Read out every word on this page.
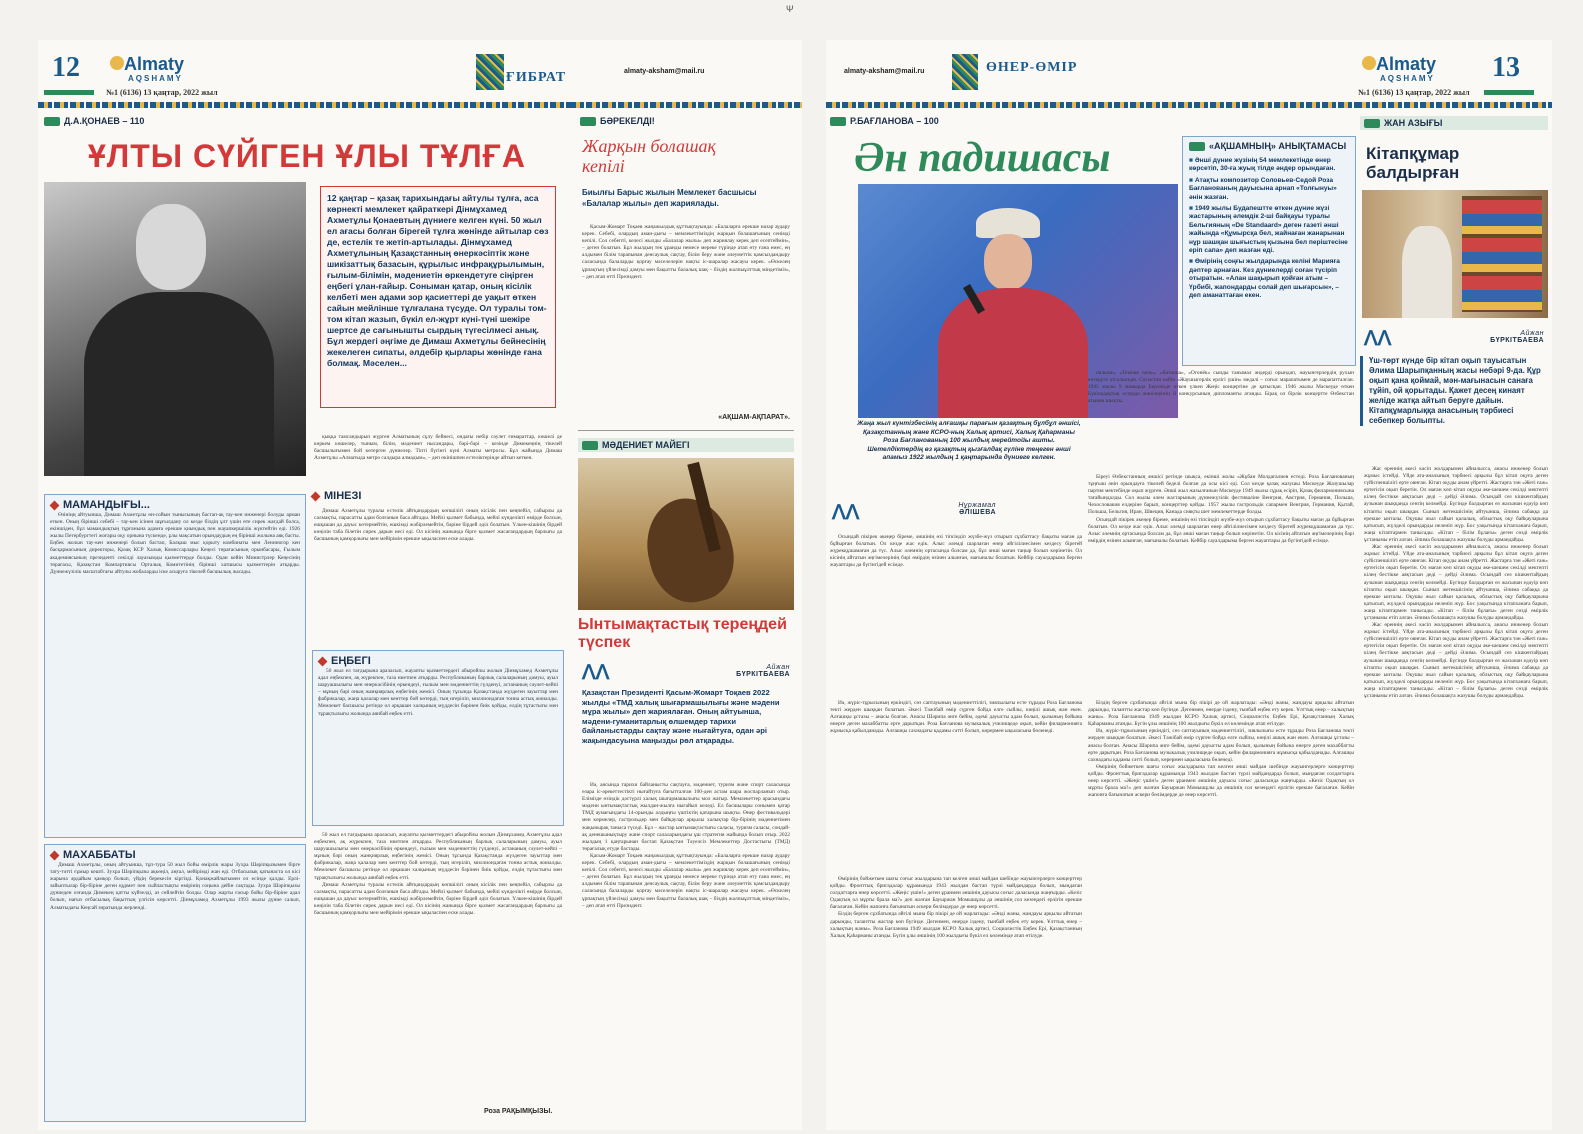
Ψ
12 Almaty
AQSHAMY
№1 (6136) 13 қаңтар, 2022 жыл
ҒИБРАТ
Д.А.ҚОНАЕВ – 110
ҰЛТЫ СҮЙГЕН ҰЛЫ ТҰЛҒА
12 қаңтар – қазақ тарихындағы айтулы тұлға, аса көрнекті мемлекет қайраткері Дінмұхамед Ахметұлы Қонаевтың дүниеге келген күні. 50 жыл ел ағасы болған бірегей тұлға жөнінде айтылар сөз де, естелік те жетіп-артылады. Дінмұхамед Ахметұлының Қазақстанның өнеркәсіптік және шикізаттық базасын, құрылыс инфрақұрылымын, ғылым-білімін, мәдениетін өркендетуге сіңірген еңбегі ұлан-ғайыр. Соныман қатар, оның кісілік келбеті мен адами зор қасиеттері де уақыт өткен сайын мейлінше тұлғалана түсуде. Ол туралы том-том кітап жазып, бүкіл ел-жұрт күні-түні шежіре шертсе де сағынышты сырдың түгесілмесі анық. Бұл жердегі әңгіме де Димаш Ахметұлы бейнесінің жекелеген сипаты, әлдебір қырлары жөнінде ғана болмақ. Мәселен...

қыққа тамсандырып жүрген Алматының сұлу бейнесі, ондағы небір сәулет ғимараттар, көшелі де көркем көшелер, тыным, білім, мәдениет нысандары, бәрі-бәрі – кезінде Димекеңнің тікелей басшылығымен бой көтерген дүниелер. Тіпті бүгінгі күні Алматы метросы. Бұл жайында Димаш Ахметұлы «Алматыда метро салдыра алмадым», – деп өкінішпен естеліктерінде айтып кеткен.

МАМАНДЫҒЫ...

Өзініңң айтуынша, Димаш Ахметұлы өн-сойын тынысының бастап-ақ тау-кен инженері болуды арман еткен. Оның бірінші себебі – тау-кен ісінен шұғылдану ол кезде біздің ұлт үшін өте сирек жағдай болса, екіншіден, бұл мамандықтың тұрғанына адамға ерекше қиындық пен жауапкершілік жүктейтін еді. 1926 жылы Петербургтегі жоғары оқу орнына түскенде, ұлы мақсатын орындаудың ең бірінші жолына аяқ басты. Еңбек жолын тау-кен инженері болып бастап, Балқаш мыс қорыту комбинаты мен Лениногор кен басқармасының директоры, Қазақ КСР Халық Комиссарлары Кеңесі төрағасының орынбасары, Ғылым академиясының президенті секілді лауазымды қызметтерде болды. Одан кейін Министрлер Кеңесінің төрағасы, Қазақстан Компартиясы Орталық Комитетінің бірінші хатшысы қызметтерін атқарды. Дүниежүзілік масштабтағы айтулы жобаларды іске асыруға тікелей басшылық жасады.

МІНЕЗІ

Димаш Ахметұлы туралы естелік айтқандардың көпшілігі оның кісілік пен кеңпейіл, сабырлы да салмақты, парасатты адам болғанын баса айтады. Мейлі қызмет бабында, мейлі күнделікті өмірде болсын, ешқашан да дауыс көтермейтін, ешкімді жәбірлемейтін, бәріне бірдей әділ болатын. Үлкен-кішінің бірдей көңілін таба білетін сирек дарын иесі еді. Ол кісінің жанында бірге қызмет жасағандардың барлығы да басшының қамқорлығы мен мейірімін ерекше ықыласпен еске алады.

ЕҢБЕГІ

50 жыл ел тағдырына араласып, жауапты қызметтердегі абыройлы жолын Дінмұхамед Ахметұлы адал еңбекпен, ақ жүрекпен, таза ниетпен атқарды. Республиканың барлық салаларының дамуы, ауыл шаруашылығы мен өнеркәсібінің өркендеуі, ғылым мен мәдениеттің гүлденуі, астананың сәулет-кейпі – мұның бәрі оның жанқиярлық еңбегінің жемісі. Оның тұсында Қазақстанда жүздеген зауыттар мен фабрикалар, жаңа қалалар мен кенттер бой көтерді, тың игеріліп, миллиондаған тонна астық жиналды. Мемлекет басшысы ретінде ол әрқашан халқының мүддесін бәрінен биік қойды, елдің тұтастығы мен тұрақтылығы жолында аянбай еңбек етті.

МАХАББАТЫ

Димаш Ахметұлы, оның айтуынша, тұп-тура 50 жыл бойы өмірлік жары Зухра Шәріпқызымен бірге тату-тәтті ғұмыр кешті. Зухра Шәріпқызы ақкөңіл, аңғал, мейірімді жан еді. Отбасылық қатынаста ол кісі жарына әрдайым қамқор болып, үйдің берекесін кіргізді. Қонақжайлығымен ел есінде қалды. Ерлі-зайыптылар бір-біріне деген құрмет пен сыйластықты өмірінің соңына дейін сақтады. Зухра Шәріпқызы дүниеден озғанда Димекең қатты күйзелді, аз сөйлейтін болды. Олар жарты ғасыр бойы бір-біріне адал болып, нағыз отбасылық бақыттың үлгісін көрсетті. Дінмұхамед Ахметұлы 1993 жылы дүние салып, Алматыдағы Кеңсай зиратында жерленді.

50 жыл ел тағдырына араласып, жауапты қызметтердегі абыройлы жолын Дінмұхамед Ахметұлы адал еңбекпен, ақ жүрекпен, таза ниетпен атқарды. Республиканың барлық салаларының дамуы, ауыл шаруашылығы мен өнеркәсібінің өркендеуі, ғылым мен мәдениеттің гүлденуі, астананың сәулет-кейпі – мұның бәрі оның жанқиярлық еңбегінің жемісі. Оның тұсында Қазақстанда жүздеген зауыттар мен фабрикалар, жаңа қалалар мен кенттер бой көтерді, тың игеріліп, миллиондаған тонна астық жиналды. Мемлекет басшысы ретінде ол әрқашан халқының мүддесін бәрінен биік қойды, елдің тұтастығы мен тұрақтылығы жолында аянбай еңбек етті.

Димаш Ахметұлы туралы естелік айтқандардың көпшілігі оның кісілік пен кеңпейіл, сабырлы да салмақты, парасатты адам болғанын баса айтады. Мейлі қызмет бабында, мейлі күнделікті өмірде болсын, ешқашан да дауыс көтермейтін, ешкімді жәбірлемейтін, бәріне бірдей әділ болатын. Үлкен-кішінің бірдей көңілін таба білетін сирек дарын иесі еді. Ол кісінің жанында бірге қызмет жасағандардың барлығы да басшының қамқорлығы мен мейірімін ерекше ықыласпен еске алады.

Роза РАҚЫМҚЫЗЫ.
almaty-aksham@mail.ru
БӘРЕКЕЛДІ!
Жарқын болашақ кепілі
Биылғы Барыс жылын Мемлекет басшысы «Балалар жылы» деп жариялады.

Қасым-Жомарт Тоқаев жаңажылдық құттықтауында: «Балаларға ерекше назар аудару керек. Себебі, олардың аман-дығы – мемлекеттіміздің жарқын болашағының сенімді кепілі. Сол себепті, келесі жылды «Балалар жылы» деп жариялау керек деп есептеймін», – деген болатын. Бұл жылдың тек ұранды немесе мереке түрінде атап өту ғана емес, ең алдымен білім тарапынан денсаулық сақтау, білім беру және әлеуметтік қамсыздандыру саласында балаларды қорғау мәселелерін нақты іс-шаралар жасауы керек. «Өскелең ұрпақтың үйлесімді дамуы мен бақытты балалық шақ – біздің жалпыұлттық міндетіміз», – деп атап өтті Президент.

«АҚШАМ-АҚПАРАТ».
МӘДЕНИЕТ МАЙЕГІ
Ынтымақтастық тереңдей түспек
ᐱᐱ	Айжан
БҮРКІТБАЕВА
Қазақстан Президенті Қасым-Жомарт Тоқаев 2022 жылды «ТМД халық шығармашылығы және мәдени мұра жылы» деп жариялаған. Оның айтуынша, мәдени-гуманитарлық өлшемдер тарихи байланыстарды сақтау және нығайтуға, одан әрі жақындасуына маңызды рөл атқарады.

Иә, аясында тарихи байланысты сақтауға, мәдениет, туризм және спорт саласында өзара іс-әрекеттестікті нығайтуға бағытталған 100-ден астам шара жоспарланып отыр. Елімізде өзіндік дәстүрлі халық шығармашылығы мол жатыр. Мемлекеттер арасындағы мәдени ынтымақтастық жылдан-жылға нығайып келеді. Ел басшылары сонымен қатар ТМД аумағындағы 14-орынды алдыңғы үштіктің қатарына шықты. Өнер фестивальдері мен көрмелер, гастрольдер мен байқаулар арқылы халықтар бір-бірінің мәдениетімен жақынырақ таныса түседі. Бұл – жастар ынтымақтастығы саласы, туризм саласы, сондай-ақ денешынықтыру және спорт салаларындағы ұш стратегия жайында болып отыр. 2022 жылдың 1 қаңтарынан бастап Қазақстан Тәуелсіз Мемлекеттер Достастығы (ТМД) төрағалық етуде бастады.

Қасым-Жомарт Тоқаев жаңажылдық құттықтауында: «Балаларға ерекше назар аудару керек. Себебі, олардың аман-дығы – мемлекеттіміздің жарқын болашағының сенімді кепілі. Сол себепті, келесі жылды «Балалар жылы» деп жариялау керек деп есептеймін», – деген болатын. Бұл жылдың тек ұранды немесе мереке түрінде атап өту ғана емес, ең алдымен білім тарапынан денсаулық сақтау, білім беру және әлеуметтік қамсыздандыру саласында балаларды қорғау мәселелерін нақты іс-шаралар жасауы керек. «Өскелең ұрпақтың үйлесімді дамуы мен бақытты балалық шақ – біздің жалпыұлттық міндетіміз», – деп атап өтті Президент.

almaty-aksham@mail.ru	ӨНЕР-ӨМІР
Р.БАҒЛАНОВА – 100
Ән падишасы	«АҚШАМНЫҢ» АНЫҚТАМАСЫ

■ Әнші дүние жүзінің 54 мемлекетінде өнер көрсетіп, 30-ға жуық тілде әндер орындаған.

■ Атақты композитор Соловьев-Седой Роза Бағланованың дауысына арнап «Толғынуы» әнін жазған.

■ 1949 жылы Будапештте өткен дүние жүзі жастарының әлемдік 2-ші байқауы туралы Бельгияның «De Standaard» деген газеті әнші жайында «Құмырсқа бел, жайнаған жанарынан нұр шашқан шығыстың қызына бел періштесіне еріп сапа» деп жазған еді.

■ Өмірінің соңғы жылдарында келіні Марияға дәптер арнаған. Кез дүниелерді соған түсіріп отыратын. «Алан шақырып қойған атым – Үрбибі, жапондарды солай деп шығарсын», – деп аманаттаған екен.

Жаңа жыл күнтізбесінің алғашқы парағын қазақтың бұлбұл әншісі, Қазақстанның және КСРО-ның Халық артисі, Халық Қаһарманы Роза Бағланованың 100 жылдық мерейтойы ашты. Шетелдіктердің өз қазақтың қызғалдақ гүліне теңеген әнші апамыз 1922 жылдың 1 қаңтарында дүниеге келген.

пальма», «Темная ночь», «Катюша», «Огонёк» сынды танымал әндерді орындап, жауынгерлердің рухын көтеруге атсалысқан. Соғыстан кейін «Жаушыгерлік ерлігі үшін» медалі – соғыс марапатымен де марапатталған. 1945 жылы 9 мамырда Берлинде өткен үлкен Жеңіс концертіне де қатысқан. 1946 жылы Мәскеуде өткен Бүкілодақтық эстрада әншілерінің II конкурсының дипломанты атанды. Бірақ ол бірлік концертте Өзбекстан атынан шықты.

ᐱᐱ	Нұржамал
ӘЛІШЕВА

Осындай пікірек әкеңер біреме, әншінің өзі тіпсіндіп жүзбе-жүз отырып сұхбаттасу бақыты маған да бұйырған болатын. Ол кезде жас едік. Алыс әлемді шарлаған өнер әйгілілиесімен кездесу бірегей жүрекқұшамаған да түс. Алыс әлемнің ортасында болсам да, бұл әнші маған таңыр болып көрінетін. Ол кісінің айтатын әңгімелерінің бәрі өмірдің өзінен алынған, мағыналы болатын. Кейбір сауалдарыма берген жауаптары да бүгінгідей есімде.

Біреуі Өзбекстанның әншісі ретінде шықса, екінші жолы «Жұбан Молдағалиев естеді. Роза Бағланованың тұңғыш әнін орындауға тікелей беделі болған да осы кісі еді. Сол кезде қазақ жазушы Мәскеуде Жазушылар партия мектебінде оқып жүрген. Әнші жыл жазылғанын Мәскеуде 1949 жылы сұрақ есіріп, Қазақ филармониясына тағайындалды. Сол жылы әлем жастарының дүниежүзілік фестиваліне Венгрия, Австрия, Германия, Польша, Чехословакия елдеріне барып, концерттер қойды. 1957 жылы гастрольдік сапармен Венгрия, Германия, Қытай, Польша, Бельгия, Иран, Швеция, Канада сияқты шет мемлекеттерде болды.

Осындай пікірек әкеңер біреме, әншінің өзі тіпсіндіп жүзбе-жүз отырып сұхбаттасу бақыты маған да бұйырған болатын. Ол кезде жас едік. Алыс әлемді шарлаған өнер әйгілілиесімен кездесу бірегей жүрекқұшамаған да түс. Алыс әлемнің ортасында болсам да, бұл әнші маған таңыр болып көрінетін. Ол кісінің айтатын әңгімелерінің бәрі өмірдің өзінен алынған, мағыналы болатын. Кейбір сауалдарыма берген жауаптары да бүгінгідей есімде.

Иә, жүріс-тұрысының еркіндігі, сөз саптауының мәдениеттілігі, зиялылығы есте тұрады Роза Бағланова текті жерден шыққан болатын. Әкесі Тәжібай өмір сүрген бойда елге сыйлы, көңілі ашық жан екен. Алғашқы ұстазы – анасы болған. Анасы Шәрипа әнге бейім, әдемі дауысты адам болып, қызының бойына өнерге деген махаббатты ерте дарытқан. Роза Бағланова музыкалық училищеде оқып, кейін филармонияға жұмысқа қабылданады. Алғашқы сахнадағы қадамы сәтті болып, көрермен ықыласына бөленеді.

Өмірінің бойжеткен шағы соғыс жылдарына тап келген әнші майдан шебінде жауынгерлерге концерттер қойды. Фронттық бригадалар құрамында 1943 жылдан бастап түрлі майдандарда болып, мыңдаған солдаттарға өнер көрсетті. «Жеңіс үшін!» деген ұранмен әншінің дауысы соғыс даласында жаңғырды. «Кезіс Одақтың ол мұрты брала ма?» деп жазған Бауыржан Момышұлы да әншінің сол кезеңдегі ерлігін ерекше бағалаған. Кейін жапонға бағынатын әскери бөлімдерде де өнер көрсетті.

Біздің берген сұхбатында әйгілі мына бір пікірі де ой жарлатады: «Әнді жаны, жандауы арқылы айтатын дарынды, талантты жастар көп бүгінде. Дегенмен, өнерде іздену, тынбай еңбек ету керек. Ұлттық өнер – халықтың жаны». Роза Бағланова 1949 жылдан КСРО Халық артисі, Социалистік Еңбек Ері, Қазақстанның Халық Қаһарманы атанды. Бүгін ұлы әншінің 100 жылдығы бүкіл ел көлемінде атап өтілуде.

Біздің берген сұхбатында әйгілі мына бір пікірі де ой жарлатады: «Әнді жаны, жандауы арқылы айтатын дарынды, талантты жастар көп бүгінде. Дегенмен, өнерде іздену, тынбай еңбек ету керек. Ұлттық өнер – халықтың жаны». Роза Бағланова 1949 жылдан КСРО Халық артисі, Социалистік Еңбек Ері, Қазақстанның Халық Қаһарманы атанды. Бүгін ұлы әншінің 100 жылдығы бүкіл ел көлемінде атап өтілуде.

Иә, жүріс-тұрысының еркіндігі, сөз саптауының мәдениеттілігі, зиялылығы есте тұрады Роза Бағланова текті жерден шыққан болатын. Әкесі Тәжібай өмір сүрген бойда елге сыйлы, көңілі ашық жан екен. Алғашқы ұстазы – анасы болған. Анасы Шәрипа әнге бейім, әдемі дауысты адам болып, қызының бойына өнерге деген махаббатты ерте дарытқан. Роза Бағланова музыкалық училищеде оқып, кейін филармонияға жұмысқа қабылданады. Алғашқы сахнадағы қадамы сәтті болып, көрермен ықыласына бөленеді.

Өмірінің бойжеткен шағы соғыс жылдарына тап келген әнші майдан шебінде жауынгерлерге концерттер қойды. Фронттық бригадалар құрамында 1943 жылдан бастап түрлі майдандарда болып, мыңдаған солдаттарға өнер көрсетті. «Жеңіс үшін!» деген ұранмен әншінің дауысы соғыс даласында жаңғырды. «Кезіс Одақтың ол мұрты брала ма?» деп жазған Бауыржан Момышұлы да әншінің сол кезеңдегі ерлігін ерекше бағалаған. Кейін жапонға бағынатын әскери бөлімдерде де өнер көрсетті.

Almaty
AQSHAMY
№1 (6136) 13 қаңтар, 2022 жыл
13
ЖАН АЗЫҒЫ
Кітапқұмар балдырған
ᐱᐱ	Айжан
БҮРКІТБАЕВА
Үш-төрт күнде бір кітап оқып тауысатын Әлима Шарыпқанның жасы небәрі 9-да. Құр оқып қана қоймай, мән-мағынасын санаға тұйіп, ой қорытады. Қажет десең кинаят желіде жатқа айтып беруге дайын. Кітапқұмарлыққа анасының тәрбиесі себепкер болыпты.

Жас өреннің әкесі кәсіп жолдарымен айналысса, анасы инженер болып жұмыс істейді. Үйде ата-аналының тәрбиесі арқылы бұл кітап оқуға деген сүйіспеншілігі ерте оянған. Кітап оқуды анам үйретті. Жастарға тән «Жеті ғаж» ертегісін оқып беретін. Ол маған көп кітап оқуды әке-шешем секілді мектепті кілең бестікке аяқтасын деді – дейді Әлима. Осындай сөз кішкентайдың аузынан шыққанда сенгің келмейді. Бүгінде балдырған өз жасынан едәуір көп кітапты оқып шыққан. Сынып жетекшісінің айтуынша, Әлима сабаққа да ерекше ынталы. Оқушы жыл сайын қалалық, облыстық оқу байқауларына қатысып, жүлделі орындарды иеленіп жүр. Бос уақытында кітапханаға барып, жаңа кітаптармен танысады. «Кітап – білім бұлағы» деген сөзді өмірлік ұстанымы етіп алған. Әлима болашақта жазушы болуды армандайды.

Жас өреннің әкесі кәсіп жолдарымен айналысса, анасы инженер болып жұмыс істейді. Үйде ата-аналының тәрбиесі арқылы бұл кітап оқуға деген сүйіспеншілігі ерте оянған. Кітап оқуды анам үйретті. Жастарға тән «Жеті ғаж» ертегісін оқып беретін. Ол маған көп кітап оқуды әке-шешем секілді мектепті кілең бестікке аяқтасын деді – дейді Әлима. Осындай сөз кішкентайдың аузынан шыққанда сенгің келмейді. Бүгінде балдырған өз жасынан едәуір көп кітапты оқып шыққан. Сынып жетекшісінің айтуынша, Әлима сабаққа да ерекше ынталы. Оқушы жыл сайын қалалық, облыстық оқу байқауларына қатысып, жүлделі орындарды иеленіп жүр. Бос уақытында кітапханаға барып, жаңа кітаптармен танысады. «Кітап – білім бұлағы» деген сөзді өмірлік ұстанымы етіп алған. Әлима болашақта жазушы болуды армандайды.

Жас өреннің әкесі кәсіп жолдарымен айналысса, анасы инженер болып жұмыс істейді. Үйде ата-аналының тәрбиесі арқылы бұл кітап оқуға деген сүйіспеншілігі ерте оянған. Кітап оқуды анам үйретті. Жастарға тән «Жеті ғаж» ертегісін оқып беретін. Ол маған көп кітап оқуды әке-шешем секілді мектепті кілең бестікке аяқтасын деді – дейді Әлима. Осындай сөз кішкентайдың аузынан шыққанда сенгің келмейді. Бүгінде балдырған өз жасынан едәуір көп кітапты оқып шыққан. Сынып жетекшісінің айтуынша, Әлима сабаққа да ерекше ынталы. Оқушы жыл сайын қалалық, облыстық оқу байқауларына қатысып, жүлделі орындарды иеленіп жүр. Бос уақытында кітапханаға барып, жаңа кітаптармен танысады. «Кітап – білім бұлағы» деген сөзді өмірлік ұстанымы етіп алған. Әлима болашақта жазушы болуды армандайды.
